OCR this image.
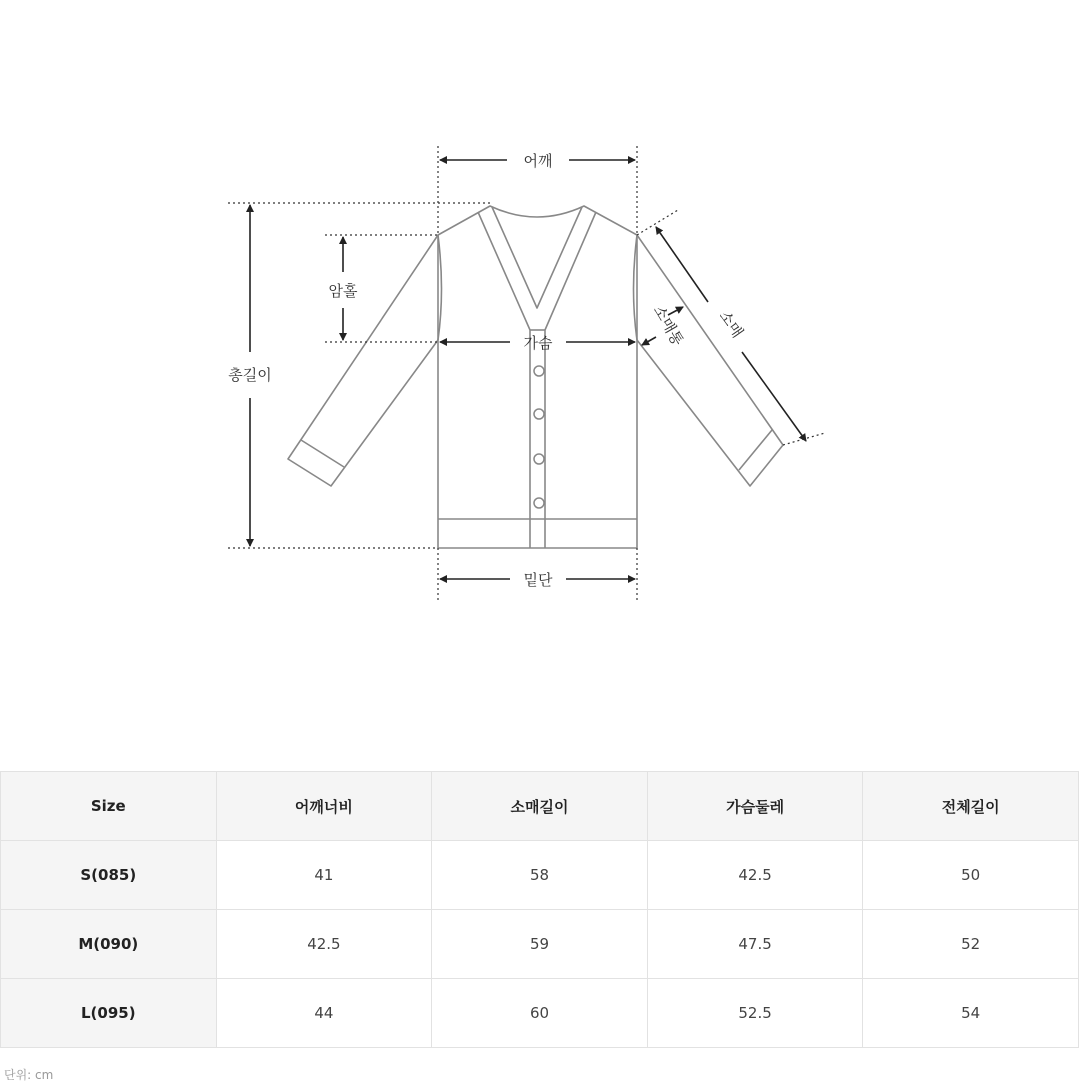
어깨
암홀
가슴
총길이
밑단
소매
소매통
Size	어깨너비	소매길이	가슴둘레	전체길이
S(085)	41	58	42.5	50
M(090)	42.5	59	47.5	52
L(095)	44	60	52.5	54
단위: cm
